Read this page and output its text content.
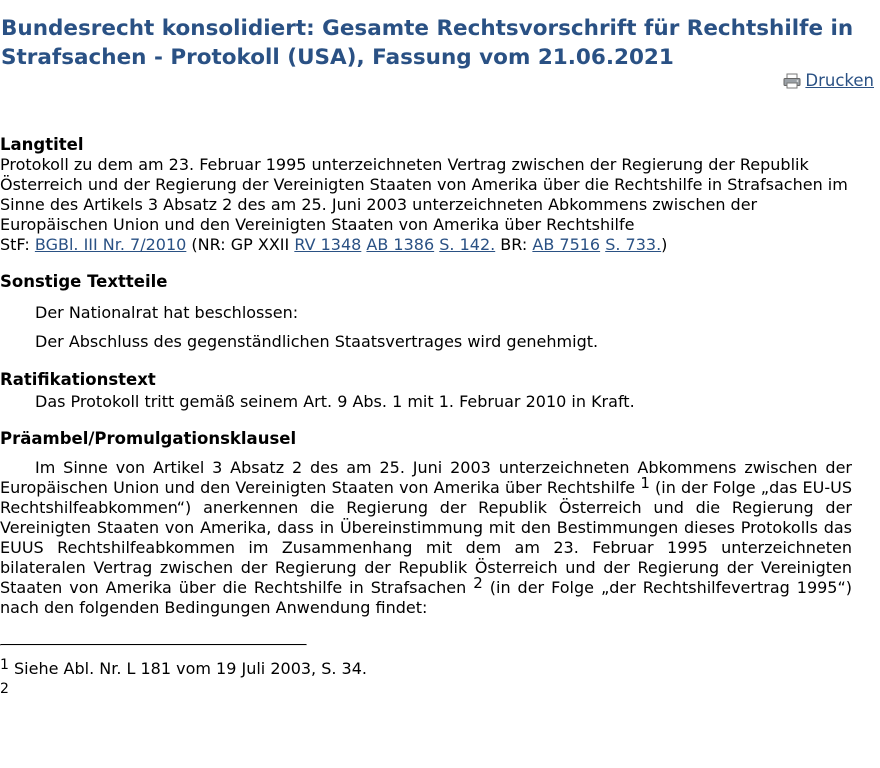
Bundesrecht konsolidiert: Gesamte Rechtsvorschrift für Rechtshilfe in Strafsachen - Protokoll (USA), Fassung vom 21.06.2021
Drucken
Langtitel

Protokoll zu dem am 23. Februar 1995 unterzeichneten Vertrag zwischen der Regierung der Republik Österreich und der Regierung der Vereinigten Staaten von Amerika über die Rechtshilfe in Strafsachen im Sinne des Artikels 3 Absatz 2 des am 25. Juni 2003 unterzeichneten Abkommens zwischen der Europäischen Union und den Vereinigten Staaten von Amerika über Rechtshilfe

StF: BGBl. III Nr. 7/2010 (NR: GP XXII RV 1348 AB 1386 S. 142. BR: AB 7516 S. 733.)

Sonstige Textteile

Der Nationalrat hat beschlossen:

Der Abschluss des gegenständlichen Staatsvertrages wird genehmigt.

Ratifikationstext

Das Protokoll tritt gemäß seinem Art. 9 Abs. 1 mit 1. Februar 2010 in Kraft.

Präambel/Promulgationsklausel

Im Sinne von Artikel 3 Absatz 2 des am 25. Juni 2003 unterzeichneten Abkommens zwischen der Europäischen Union und den Vereinigten Staaten von Amerika über Rechtshilfe $^1$ (in der Folge „das EU-US Rechtshilfeabkommen“) anerkennen die Regierung der Republik Österreich und die Regierung der Vereinigten Staaten von Amerika, dass in Übereinstimmung mit den Bestimmungen dieses Protokolls das EUUS Rechtshilfeabkommen im Zusammenhang mit dem am 23. Februar 1995 unterzeichneten bilateralen Vertrag zwischen der Regierung der Republik Österreich und der Regierung der Vereinigten Staaten von Amerika über die Rechtshilfe in Strafsachen $^2$ (in der Folge „der Rechtshilfevertrag 1995“) nach den folgenden Bedingungen Anwendung findet:

$^1$ Siehe Abl. Nr. L 181 vom 19 Juli 2003, S. 34.

$^2$
